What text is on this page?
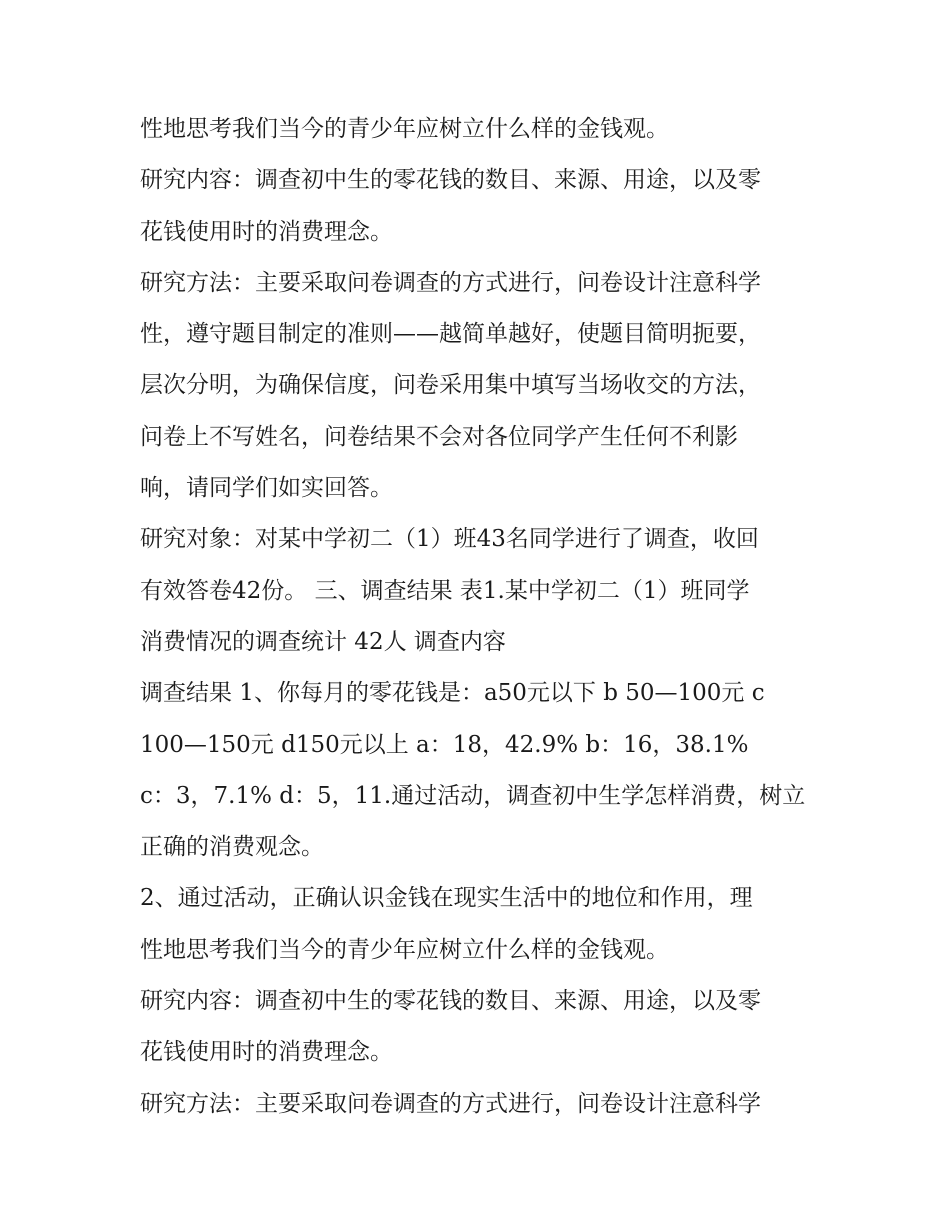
性地思考我们当今的青少年应树立什么样的金钱观。
研究内容：调查初中生的零花钱的数目、来源、用途，以及零
花钱使用时的消费理念。
研究方法：主要采取问卷调查的方式进行，问卷设计注意科学
性，遵守题目制定的准则——越简单越好，使题目简明扼要，
层次分明，为确保信度，问卷采用集中填写当场收交的方法，
问卷上不写姓名，问卷结果不会对各位同学产生任何不利影
响，请同学们如实回答。
研究对象：对某中学初二（1）班43名同学进行了调查，收回
有效答卷42份。 三、调查结果 表1.某中学初二（1）班同学
消费情况的调查统计 42人 调查内容
调查结果 1、你每月的零花钱是：a50元以下 b 50—100元 c
100—150元 d150元以上 a：18，42.9% b：16，38.1%
c：3，7.1% d：5，11.通过活动，调查初中生学怎样消费，树立
正确的消费观念。
2、通过活动，正确认识金钱在现实生活中的地位和作用，理
性地思考我们当今的青少年应树立什么样的金钱观。
研究内容：调查初中生的零花钱的数目、来源、用途，以及零
花钱使用时的消费理念。
研究方法：主要采取问卷调查的方式进行，问卷设计注意科学
